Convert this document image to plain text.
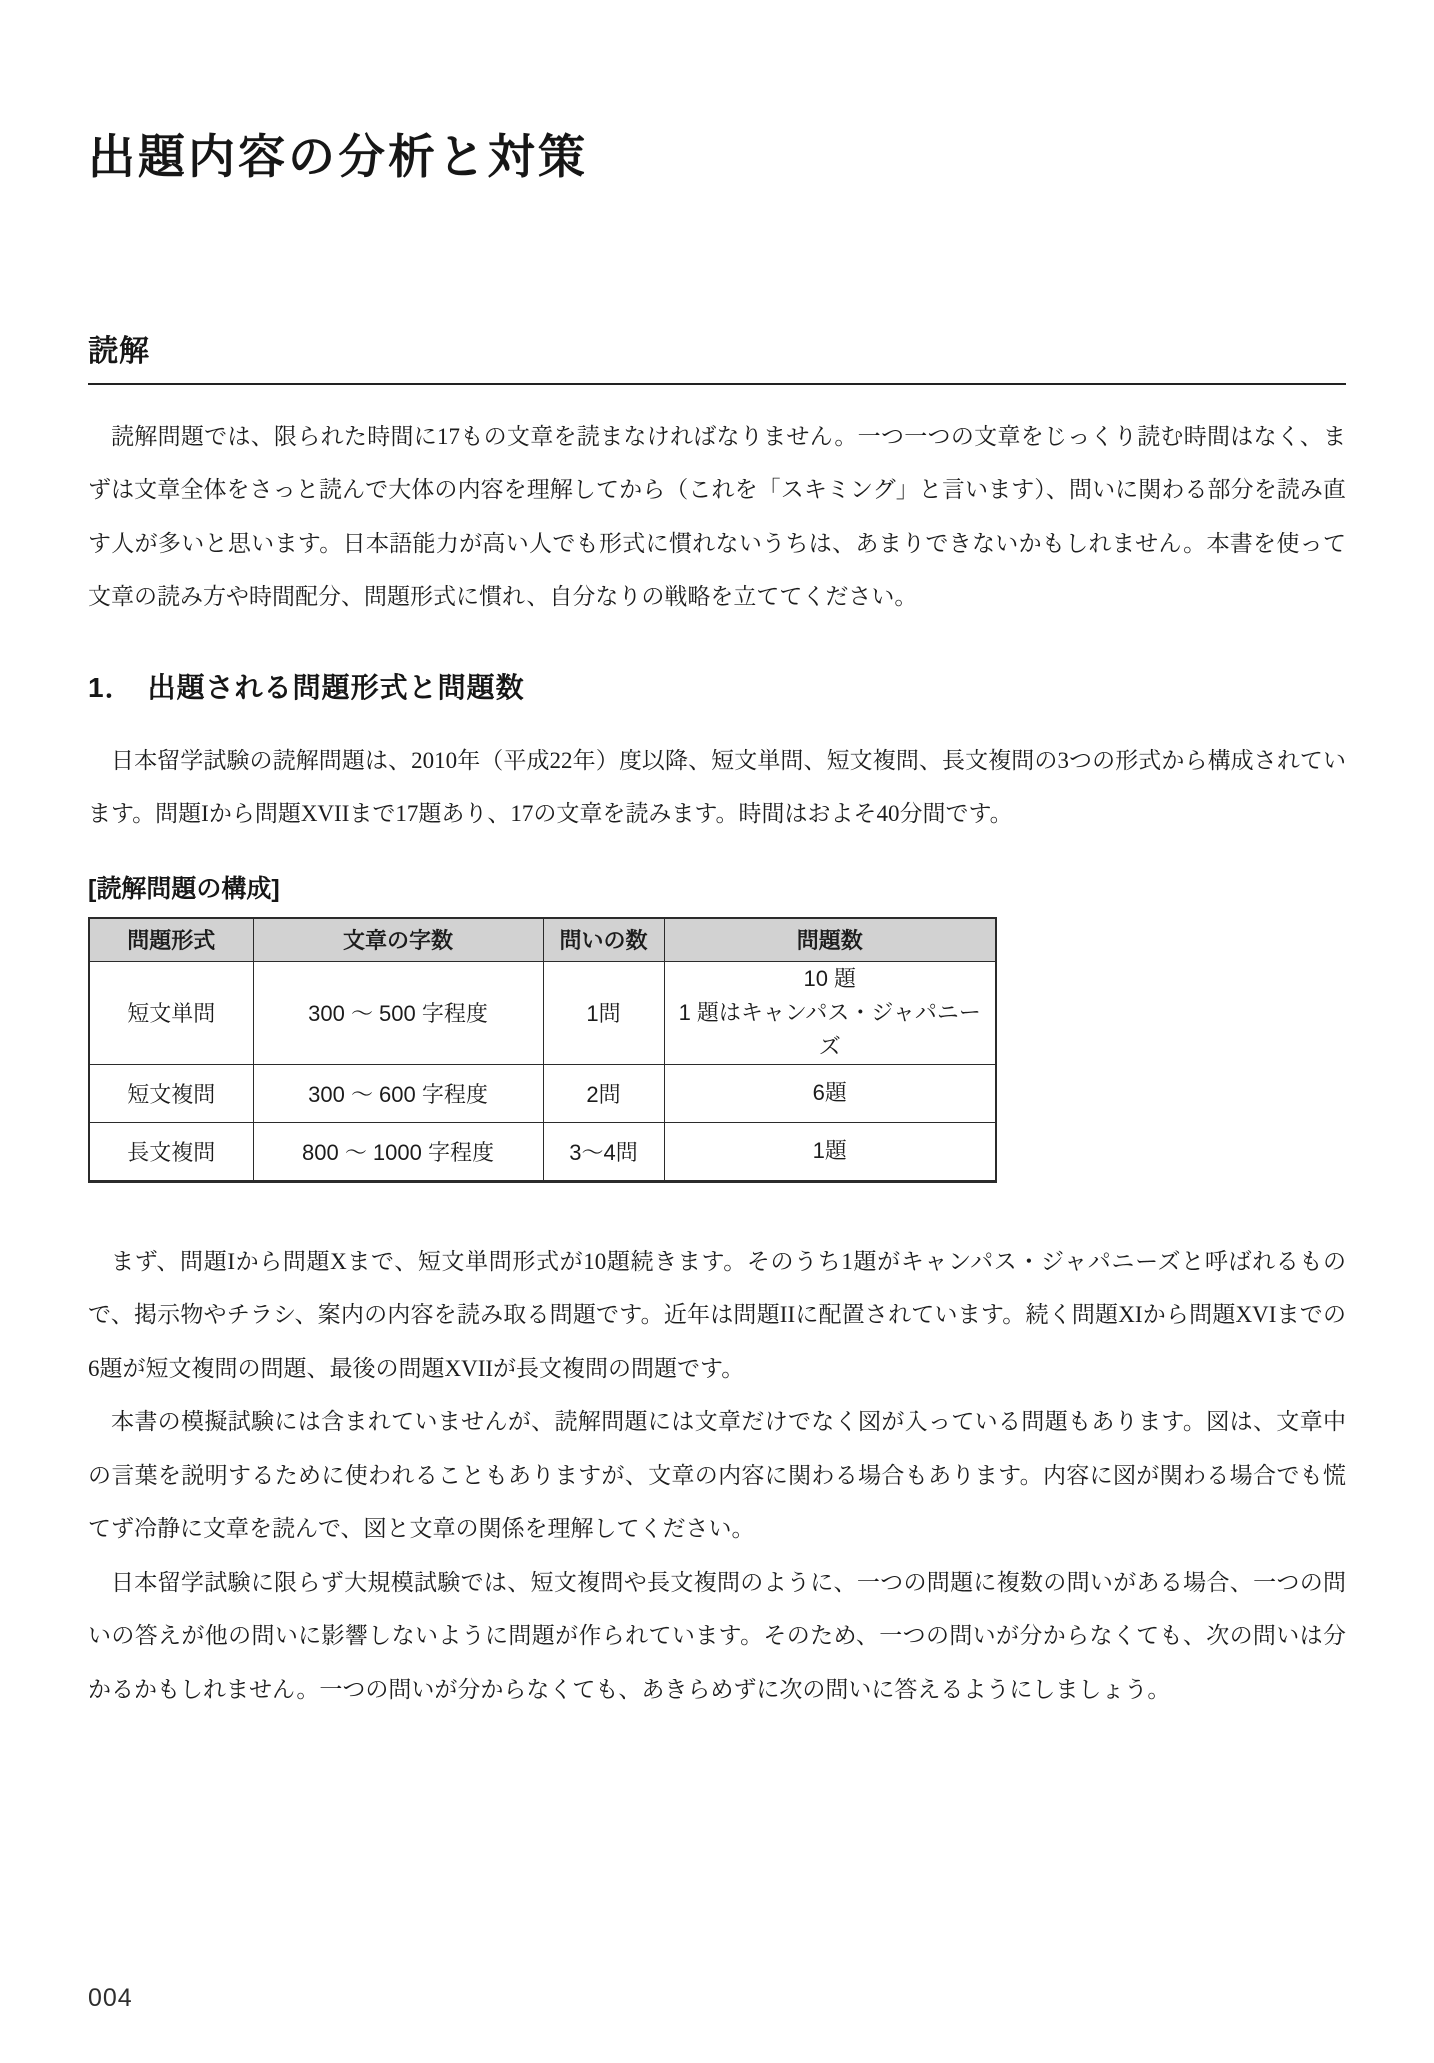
出題内容の分析と対策
読解

読解問題では、限られた時間に17もの文章を読まなければなりません。一つ一つの文章をじっくり読む時間はなく、まずは文章全体をさっと読んで大体の内容を理解してから（これを「スキミング」と言います）、問いに関わる部分を読み直す人が多いと思います。日本語能力が高い人でも形式に慣れないうちは、あまりできないかもしれません。本書を使って文章の読み方や時間配分、問題形式に慣れ、自分なりの戦略を立ててください。

1． 出題される問題形式と問題数

日本留学試験の読解問題は、2010年（平成22年）度以降、短文単問、短文複問、長文複問の3つの形式から構成されています。問題Iから問題XVIIまで17題あり、17の文章を読みます。時間はおよそ40分間です。

[読解問題の構成]
問題形式	文章の字数	問いの数	問題数
短文単問	300 〜 500 字程度	1問	10 題
1 題はキャンパス・ジャパニーズ

短文複問	300 〜 600 字程度	2問	6題

長文複問	800 〜 1000 字程度	3〜4問	1題

まず、問題Iから問題Xまで、短文単問形式が10題続きます。そのうち1題がキャンパス・ジャパニーズと呼ばれるもので、掲示物やチラシ、案内の内容を読み取る問題です。近年は問題IIに配置されています。続く問題XIから問題XVIまでの6題が短文複問の問題、最後の問題XVIIが長文複問の問題です。

本書の模擬試験には含まれていませんが、読解問題には文章だけでなく図が入っている問題もあります。図は、文章中の言葉を説明するために使われることもありますが、文章の内容に関わる場合もあります。内容に図が関わる場合でも慌てず冷静に文章を読んで、図と文章の関係を理解してください。

日本留学試験に限らず大規模試験では、短文複問や長文複問のように、一つの問題に複数の問いがある場合、一つの問いの答えが他の問いに影響しないように問題が作られています。そのため、一つの問いが分からなくても、次の問いは分かるかもしれません。一つの問いが分からなくても、あきらめずに次の問いに答えるようにしましょう。

004
